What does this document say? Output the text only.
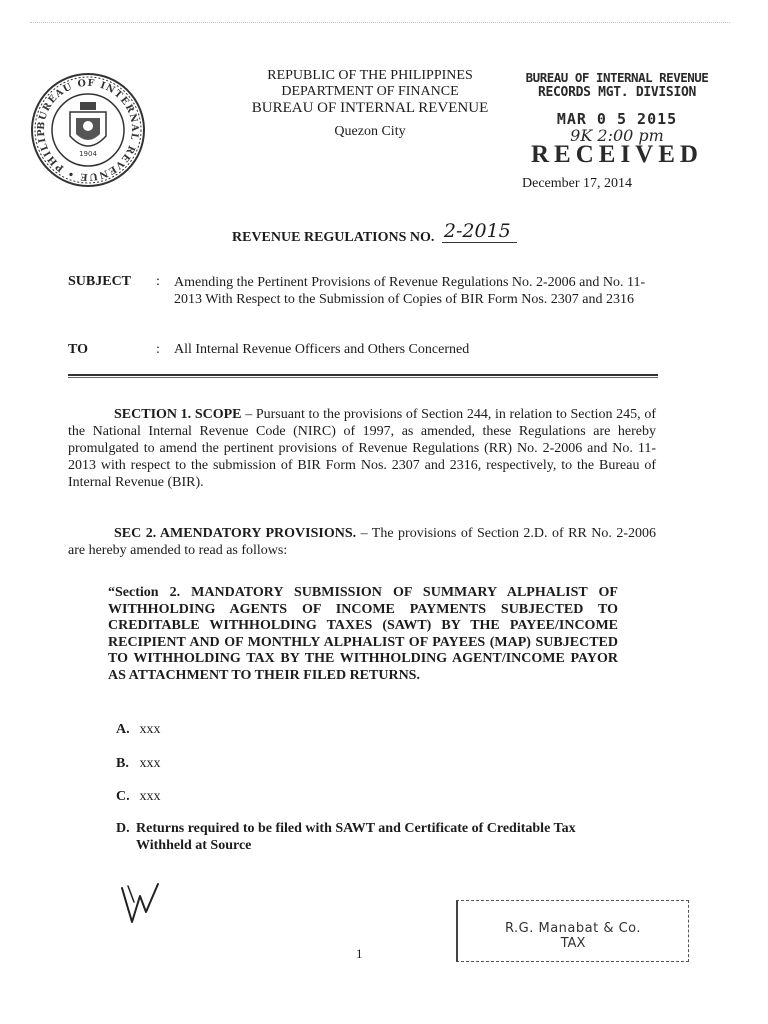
BUREAU OF INTERNAL REVENUE • PHILIP
1904
REPUBLIC OF THE PHILIPPINES
DEPARTMENT OF FINANCE
BUREAU OF INTERNAL REVENUE
Quezon City
BUREAU OF INTERNAL REVENUE
RECORDS MGT. DIVISION
MAR 0 5 2015
9K 2:00 pm
RECEIVED
December 17, 2014
REVENUE REGULATIONS NO. 2-2015
SUBJECT : Amending the Pertinent Provisions of Revenue Regulations No. 2-2006 and No. 11-2013 With Respect to the Submission of Copies of BIR Form Nos. 2307 and 2316
TO	: All Internal Revenue Officers and Others Concerned
SECTION 1. SCOPE – Pursuant to the provisions of Section 244, in relation to Section 245, of the National Internal Revenue Code (NIRC) of 1997, as amended, these Regulations are hereby promulgated to amend the pertinent provisions of Revenue Regulations (RR) No. 2-2006 and No. 11-2013 with respect to the submission of BIR Form Nos. 2307 and 2316, respectively, to the Bureau of Internal Revenue (BIR).
SEC 2. AMENDATORY PROVISIONS. – The provisions of Section 2.D. of RR No. 2-2006 are hereby amended to read as follows:
“Section 2. MANDATORY SUBMISSION OF SUMMARY ALPHALIST OF WITHHOLDING AGENTS OF INCOME PAYMENTS SUBJECTED TO CREDITABLE WITHHOLDING TAXES (SAWT) BY THE PAYEE/INCOME RECIPIENT AND OF MONTHLY ALPHALIST OF PAYEES (MAP) SUBJECTED TO WITHHOLDING TAX BY THE WITHHOLDING AGENT/INCOME PAYOR AS ATTACHMENT TO THEIR FILED RETURNS.
A. xxx
B. xxx
C. xxx
D. Returns required to be filed with SAWT and Certificate of Creditable Tax
Withheld at Source
1
R.G. Manabat & Co.
TAX
